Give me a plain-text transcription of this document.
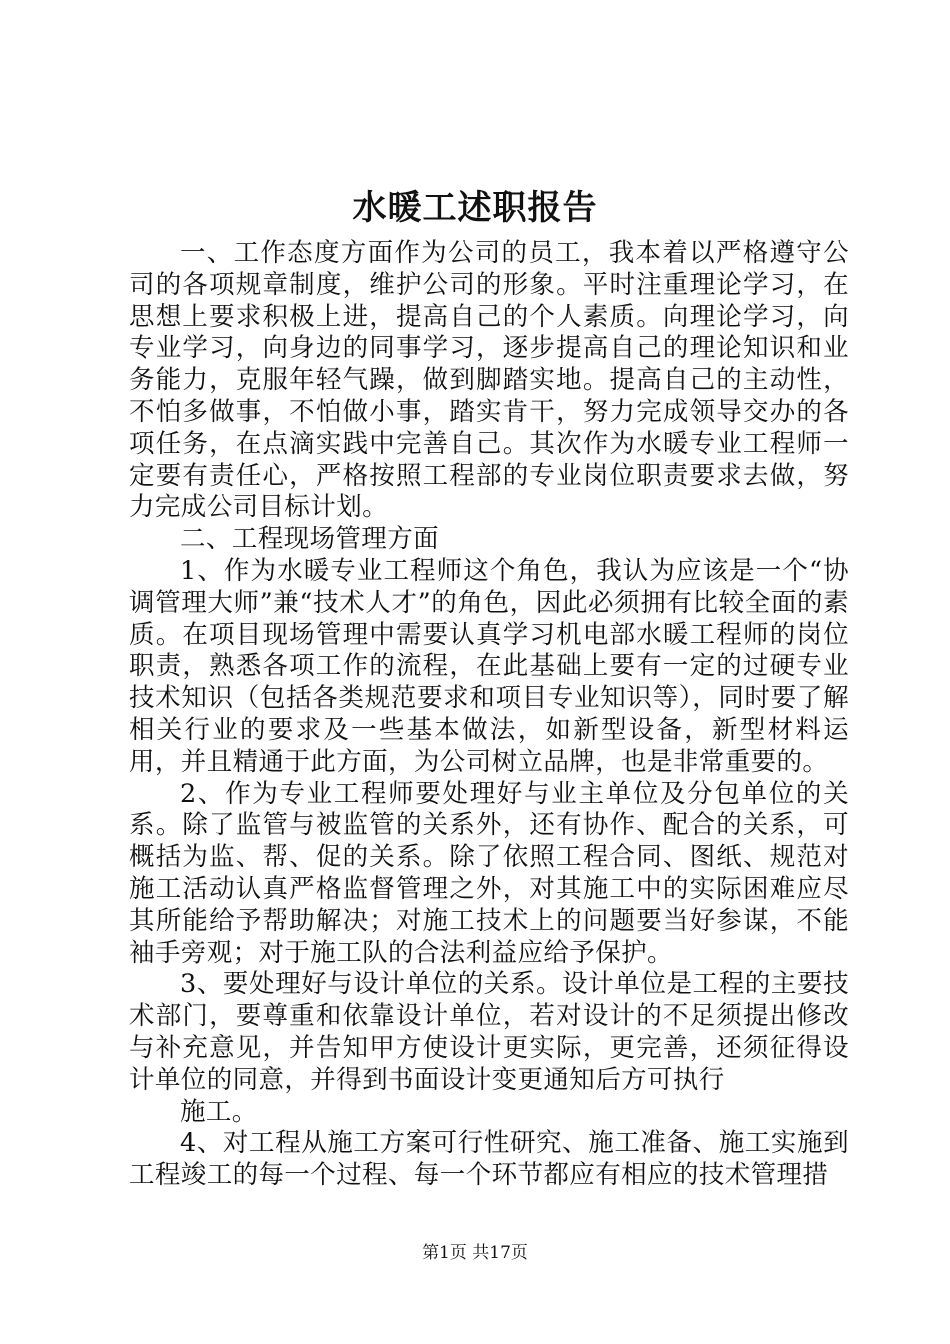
水暖工述职报告

一、工作态度方面作为公司的员工，我本着以严格遵守公司的各项规章制度，维护公司的形象。平时注重理论学习，在思想上要求积极上进，提高自己的个人素质。向理论学习，向专业学习，向身边的同事学习，逐步提高自己的理论知识和业务能力，克服年轻气躁，做到脚踏实地。提高自己的主动性，不怕多做事，不怕做小事，踏实肯干，努力完成领导交办的各项任务，在点滴实践中完善自己。其次作为水暖专业工程师一定要有责任心，严格按照工程部的专业岗位职责要求去做，努力完成公司目标计划。

二、工程现场管理方面

1、作为水暖专业工程师这个角色，我认为应该是一个“协调管理大师”兼“技术人才”的角色，因此必须拥有比较全面的素质。在项目现场管理中需要认真学习机电部水暖工程师的岗位职责，熟悉各项工作的流程，在此基础上要有一定的过硬专业技术知识（包括各类规范要求和项目专业知识等），同时要了解相关行业的要求及一些基本做法，如新型设备，新型材料运用，并且精通于此方面，为公司树立品牌，也是非常重要的。

2、作为专业工程师要处理好与业主单位及分包单位的关系。除了监管与被监管的关系外，还有协作、配合的关系，可概括为监、帮、促的关系。除了依照工程合同、图纸、规范对施工活动认真严格监督管理之外，对其施工中的实际困难应尽其所能给予帮助解决；对施工技术上的问题要当好参谋，不能袖手旁观；对于施工队的合法利益应给予保护。

3、要处理好与设计单位的关系。设计单位是工程的主要技术部门，要尊重和依靠设计单位，若对设计的不足须提出修改与补充意见，并告知甲方使设计更实际，更完善，还须征得设计单位的同意，并得到书面设计变更通知后方可执行

施工。

4、对工程从施工方案可行性研究、施工准备、施工实施到工程竣工的每一个过程、每一个环节都应有相应的技术管理措

第1页 共17页
